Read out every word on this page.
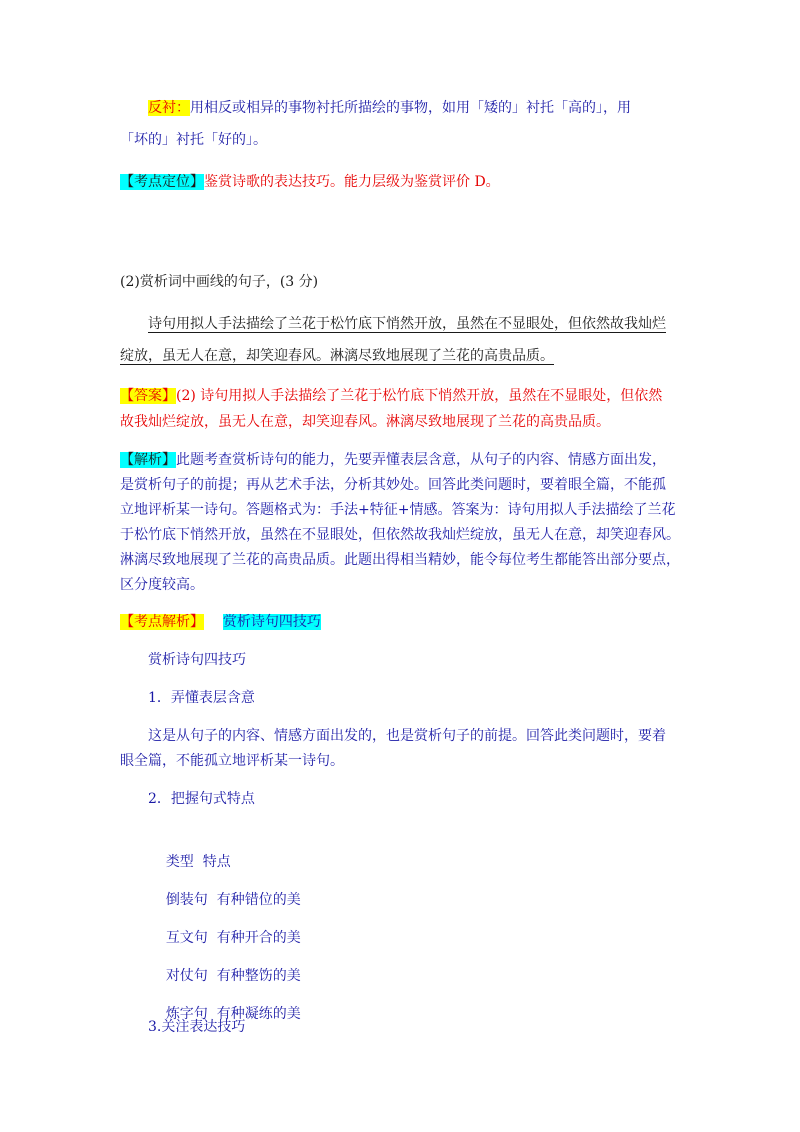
反衬：用相反或相异的事物衬托所描绘的事物，如用「矮的」衬托「高的」，用

「坏的」衬托「好的」。

【考点定位】鉴赏诗歌的表达技巧。能力层级为鉴赏评价 D。

(2)赏析词中画线的句子，(3 分)

诗句用拟人手法描绘了兰花于松竹底下悄然开放，虽然在不显眼处，但依然故我灿烂

绽放，虽无人在意，却笑迎春风。淋漓尽致地展现了兰花的高贵品质。

【答案】(2) 诗句用拟人手法描绘了兰花于松竹底下悄然开放，虽然在不显眼处，但依然

故我灿烂绽放，虽无人在意，却笑迎春风。淋漓尽致地展现了兰花的高贵品质。

【解析】此题考查赏析诗句的能力，先要弄懂表层含意，从句子的内容、情感方面出发，

是赏析句子的前提；再从艺术手法，分析其妙处。回答此类问题时，要着眼全篇，不能孤

立地评析某一诗句。答题格式为：手法+特征+情感。答案为：诗句用拟人手法描绘了兰花

于松竹底下悄然开放，虽然在不显眼处，但依然故我灿烂绽放，虽无人在意，却笑迎春风。

淋漓尽致地展现了兰花的高贵品质。此题出得相当精妙，能令每位考生都能答出部分要点，

区分度较高。

【考点解析】 赏析诗句四技巧

赏析诗句四技巧

1．弄懂表层含意

这是从句子的内容、情感方面出发的，也是赏析句子的前提。回答此类问题时，要着

眼全篇，不能孤立地评析某一诗句。

2．把握句式特点

类型  特点

倒装句  有种错位的美

互文句  有种开合的美

对仗句  有种整饬的美

炼字句  有种凝练的美

3.关注表达技巧
